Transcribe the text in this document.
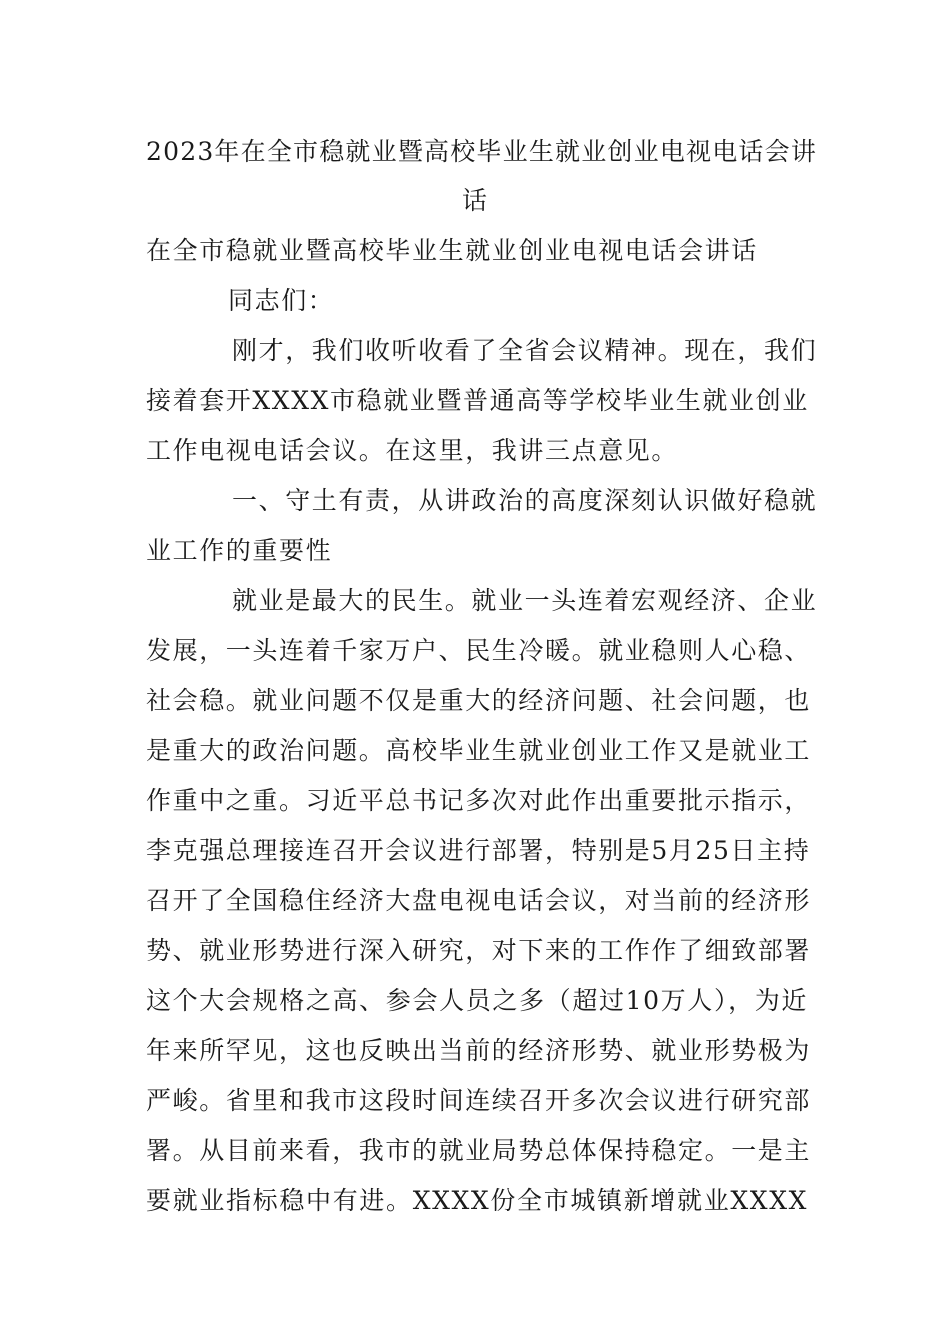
2023年在全市稳就业暨高校毕业生就业创业电视电话会讲
话
在全市稳就业暨高校毕业生就业创业电视电话会讲话
同志们：
刚才，我们收听收看了全省会议精神。现在，我们
接着套开XXXX市稳就业暨普通高等学校毕业生就业创业
工作电视电话会议。在这里，我讲三点意见。
一、守土有责，从讲政治的高度深刻认识做好稳就
业工作的重要性
就业是最大的民生。就业一头连着宏观经济、企业
发展，一头连着千家万户、民生冷暖。就业稳则人心稳、
社会稳。就业问题不仅是重大的经济问题、社会问题，也
是重大的政治问题。高校毕业生就业创业工作又是就业工
作重中之重。习近平总书记多次对此作出重要批示指示，
李克强总理接连召开会议进行部署，特别是5月25日主持
召开了全国稳住经济大盘电视电话会议，对当前的经济形
势、就业形势进行深入研究，对下来的工作作了细致部署
这个大会规格之高、参会人员之多（超过10万人），为近
年来所罕见，这也反映出当前的经济形势、就业形势极为
严峻。省里和我市这段时间连续召开多次会议进行研究部
署。从目前来看，我市的就业局势总体保持稳定。一是主
要就业指标稳中有进。XXXX份全市城镇新增就业XXXX
